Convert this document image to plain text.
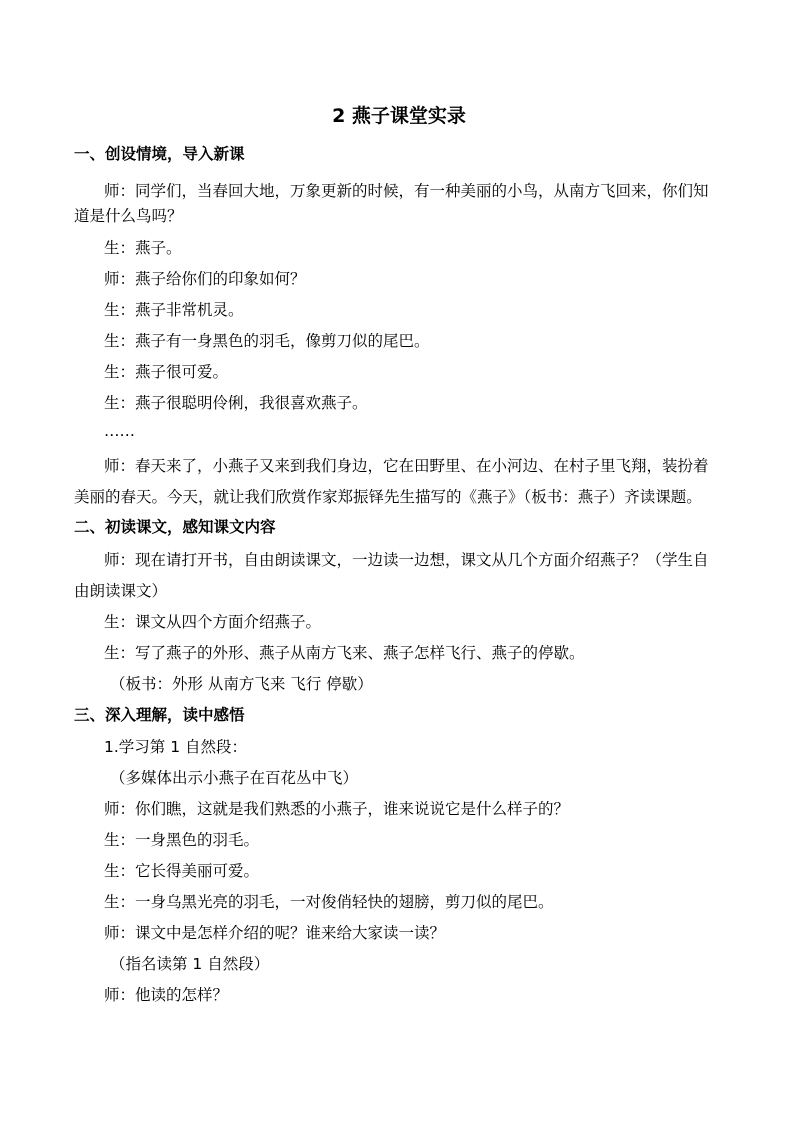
2 燕子课堂实录
一、创设情境，导入新课
师：同学们，当春回大地，万象更新的时候，有一种美丽的小鸟，从南方飞回来，你们知
道是什么鸟吗？
生：燕子。
师：燕子给你们的印象如何？
生：燕子非常机灵。
生：燕子有一身黑色的羽毛，像剪刀似的尾巴。
生：燕子很可爱。
生：燕子很聪明伶俐，我很喜欢燕子。
……
师：春天来了，小燕子又来到我们身边，它在田野里、在小河边、在村子里飞翔，装扮着
美丽的春天。今天，就让我们欣赏作家郑振铎先生描写的《燕子》（板书：燕子）齐读课题。
二、初读课文，感知课文内容
师：现在请打开书，自由朗读课文，一边读一边想，课文从几个方面介绍燕子？（学生自
由朗读课文）
生：课文从四个方面介绍燕子。
生：写了燕子的外形、燕子从南方飞来、燕子怎样飞行、燕子的停歇。
（板书：外形 从南方飞来 飞行 停歇）
三、深入理解，读中感悟
1.学习第 1 自然段：
（多媒体出示小燕子在百花丛中飞）
师：你们瞧，这就是我们熟悉的小燕子，谁来说说它是什么样子的？
生：一身黑色的羽毛。
生：它长得美丽可爱。
生：一身乌黑光亮的羽毛，一对俊俏轻快的翅膀，剪刀似的尾巴。
师：课文中是怎样介绍的呢？谁来给大家读一读？
（指名读第 1 自然段）
师：他读的怎样？
